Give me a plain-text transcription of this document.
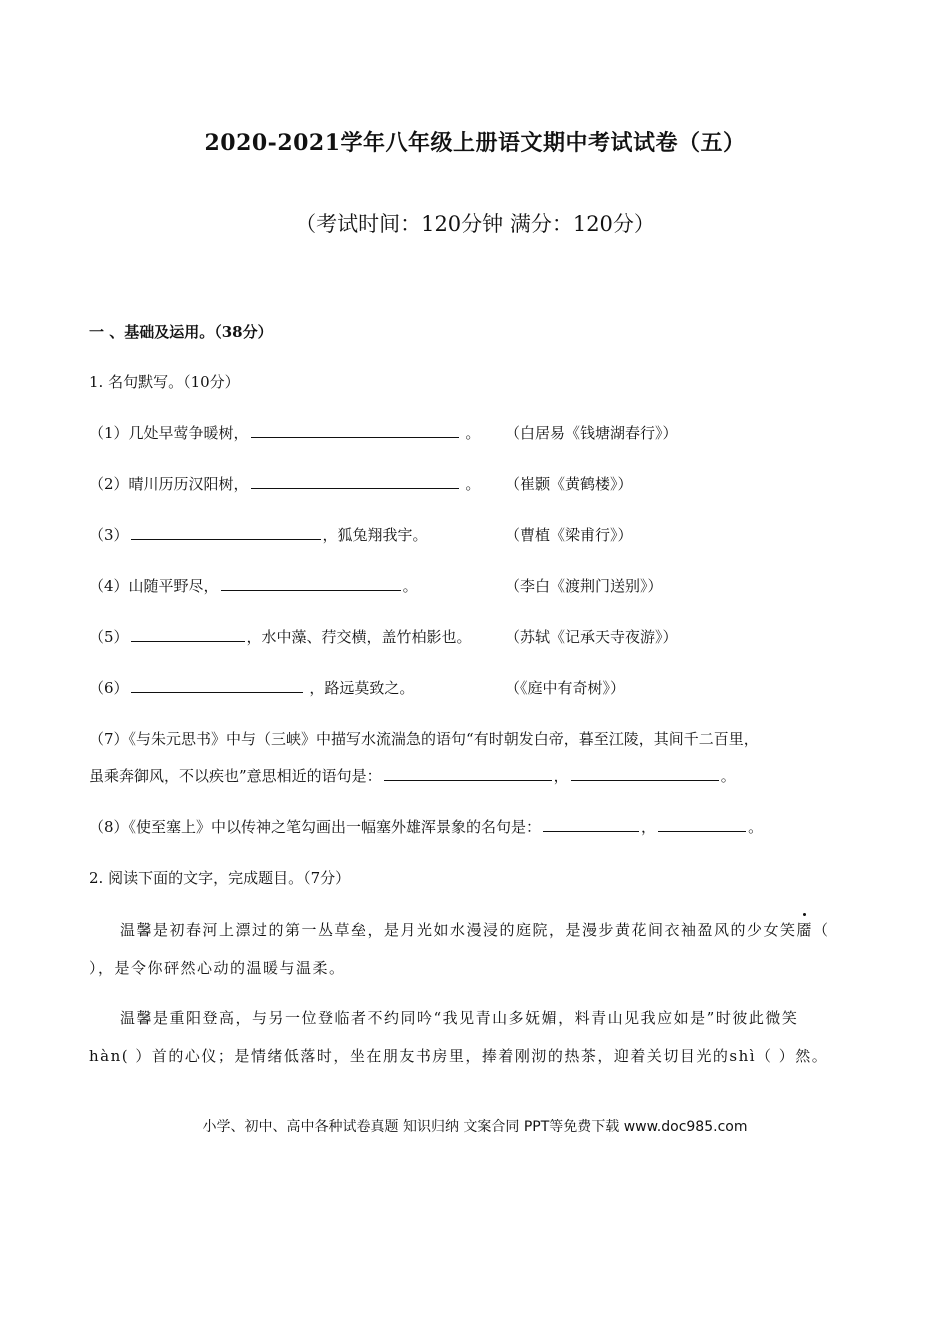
2020-2021学年八年级上册语文期中考试试卷（五）
（考试时间：120分钟 满分：120分）
一 、基础及运用。（38分）
1. 名句默写。（10分）
（1）几处早莺争暖树，	。 （白居易《钱塘湖春行》）
（2）晴川历历汉阳树，	。 （崔颢《黄鹤楼》）
（3）	，狐兔翔我宇。	（曹植《梁甫行》）
（4）山随平野尽，	。	（李白《渡荆门送别》）
（5）	，水中藻、荇交横，盖竹柏影也。 （苏轼《记承天寺夜游》）
（6）	，路远莫致之。	（《庭中有奇树》）
（7）《与朱元思书》中与（三峡》中描写水流湍急的语句“有时朝发白帝，暮至江陵，其间千二百里，
虽乘奔御风，不以疾也”意思相近的语句是：	，	。
（8）《使至塞上》中以传神之笔勾画出一幅塞外雄浑景象的名句是：	，	。
2. 阅读下面的文字，完成题目。（7分）
温馨是初春河上漂过的第一丛草垒，是月光如水漫浸的庭院，是漫步黄花间衣袖盈风的少女笑靥（
），是令你砰然心动的温暖与温柔。
温馨是重阳登高，与另一位登临者不约同吟“我见青山多妩媚，料青山见我应如是”时彼此微笑
hàn( ）首的心仪；是情绪低落时，坐在朋友书房里，捧着刚沏的热茶，迎着关切目光的shì（ ）然。
小学、初中、高中各种试卷真题 知识归纳 文案合同 PPT等免费下载 www.doc985.com
